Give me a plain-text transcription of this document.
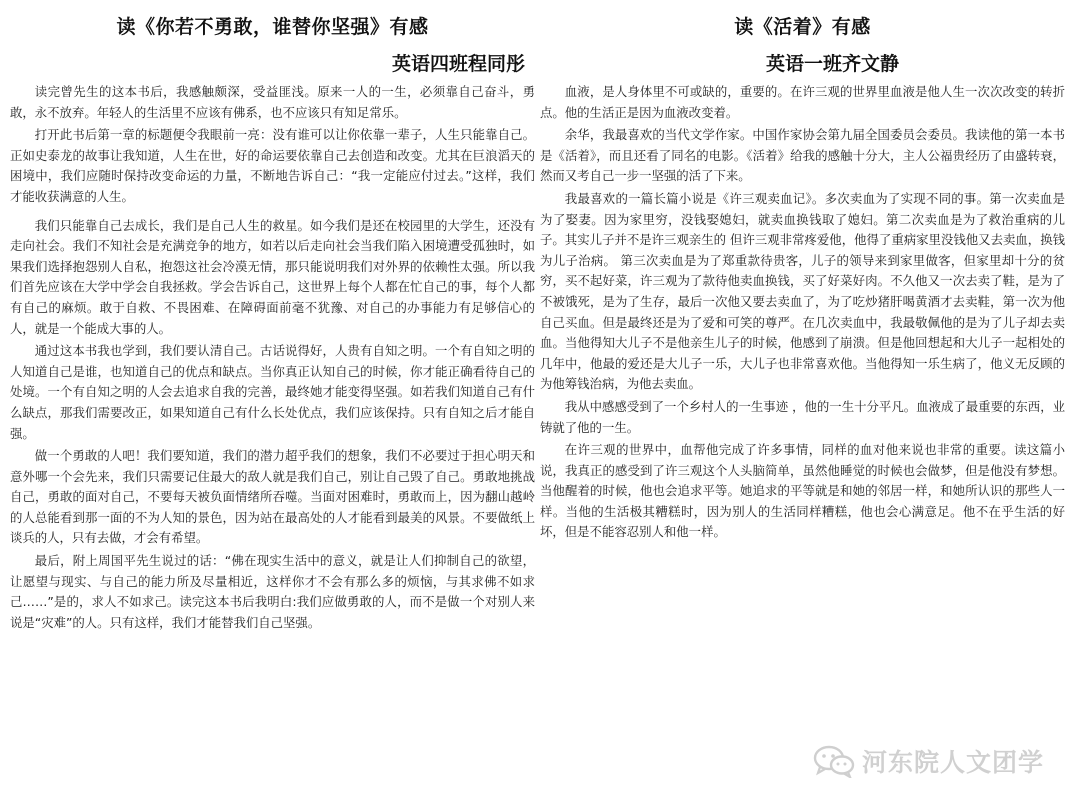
读《你若不勇敢，谁替你坚强》有感
英语四班程同彤

读完曾先生的这本书后，我感触颇深，受益匪浅。原来一人的一生，必须靠自己奋斗，勇敢，永不放弃。年轻人的生活里不应该有佛系，也不应该只有知足常乐。

打开此书后第一章的标题便令我眼前一亮：没有谁可以让你依靠一辈子，人生只能靠自己。正如史泰龙的故事让我知道，人生在世，好的命运要依靠自己去创造和改变。尤其在巨浪滔天的困境中，我们应随时保持改变命运的力量，不断地告诉自己：“我一定能应付过去。”这样，我们才能收获满意的人生。

我们只能靠自己去成长，我们是自己人生的救星。如今我们是还在校园里的大学生，还没有走向社会。我们不知社会是充满竞争的地方，如若以后走向社会当我们陷入困境遭受孤独时，如果我们选择抱怨别人自私，抱怨这社会冷漠无情，那只能说明我们对外界的依赖性太强。所以我们首先应该在大学中学会自我拯救。学会告诉自己，这世界上每个人都在忙自己的事，每个人都有自己的麻烦。敢于自救、不畏困难、在障碍面前毫不犹豫、对自己的办事能力有足够信心的人，就是一个能成大事的人。

通过这本书我也学到，我们要认清自己。古话说得好，人贵有自知之明。一个有自知之明的人知道自己是谁，也知道自己的优点和缺点。当你真正认知自己的时候，你才能正确看待自己的处境。一个有自知之明的人会去追求自我的完善，最终她才能变得坚强。如若我们知道自己有什么缺点，那我们需要改正，如果知道自己有什么长处优点，我们应该保持。只有自知之后才能自强。

做一个勇敢的人吧！我们要知道，我们的潜力超乎我们的想象，我们不必要过于担心明天和意外哪一个会先来，我们只需要记住最大的敌人就是我们自己，别让自己毁了自己。勇敢地挑战自己，勇敢的面对自己，不要每天被负面情绪所吞噬。当面对困难时，勇敢而上，因为翻山越岭的人总能看到那一面的不为人知的景色，因为站在最高处的人才能看到最美的风景。不要做纸上谈兵的人，只有去做，才会有希望。

最后，附上周国平先生说过的话：“佛在现实生活中的意义，就是让人们抑制自己的欲望，让愿望与现实、与自己的能力所及尽量相近，这样你才不会有那么多的烦恼，与其求佛不如求己……”是的，求人不如求己。读完这本书后我明白:我们应做勇敢的人，而不是做一个对别人来说是“灾难”的人。只有这样，我们才能替我们自己坚强。

读《活着》有感
英语一班齐文静

血液，是人身体里不可或缺的，重要的。在许三观的世界里血液是他人生一次次改变的转折点。他的生活正是因为血液改变着。

余华，我最喜欢的当代文学作家。中国作家协会第九届全国委员会委员。我读他的第一本书是《活着》，而且还看了同名的电影。《活着》给我的感触十分大，主人公福贵经历了由盛转衰，然而又考自己一步一坚强的活了下来。

我最喜欢的一篇长篇小说是《许三观卖血记》。多次卖血为了实现不同的事。第一次卖血是为了娶妻。因为家里穷，没钱娶媳妇，就卖血换钱取了媳妇。第二次卖血是为了救治重病的儿子。其实儿子并不是许三观亲生的 但许三观非常疼爱他，他得了重病家里没钱他又去卖血，换钱为儿子治病。 第三次卖血是为了郑重款待贵客，儿子的领导来到家里做客，但家里却十分的贫穷，买不起好菜，许三观为了款待他卖血换钱，买了好菜好肉。不久他又一次去卖了鞋，是为了不被饿死，是为了生存，最后一次他又要去卖血了，为了吃炒猪肝喝黄酒才去卖鞋，第一次为他自己买血。但是最终还是为了爱和可笑的尊严。在几次卖血中，我最敬佩他的是为了儿子却去卖血。当他得知大儿子不是他亲生儿子的时候，他感到了崩溃。但是他回想起和大儿子一起相处的几年中，他最的爱还是大儿子一乐，大儿子也非常喜欢他。当他得知一乐生病了，他义无反顾的为他筹钱治病，为他去卖血。

我从中感感受到了一个乡村人的一生事迹 ，他的一生十分平凡。血液成了最重要的东西，业铸就了他的一生。

在许三观的世界中，血帮他完成了许多事情，同样的血对他来说也非常的重要。读这篇小说，我真正的感受到了许三观这个人头脑简单，虽然他睡觉的时候也会做梦，但是他没有梦想。当他醒着的时候，他也会追求平等。她追求的平等就是和她的邻居一样，和她所认识的那些人一样。当他的生活极其糟糕时，因为别人的生活同样糟糕，他也会心满意足。他不在乎生活的好坏，但是不能容忍别人和他一样。

河东院人文团学
